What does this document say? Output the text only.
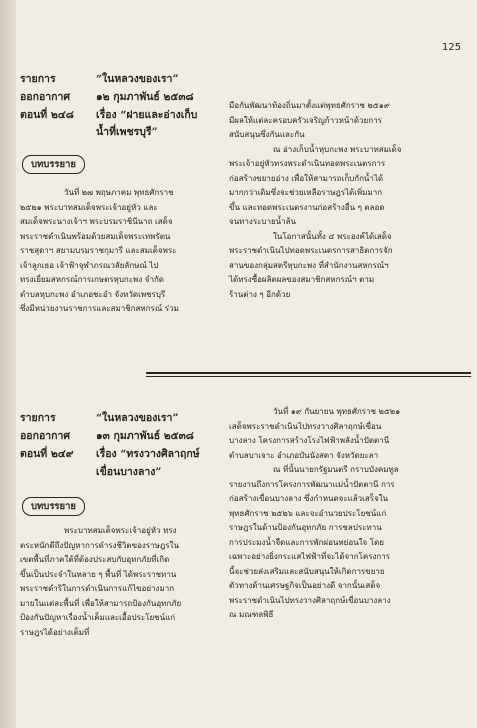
125
รายการ	“ในหลวงของเรา”
ออกอากาศ ๑๒ กุมภาพันธ์ ๒๕๓๘
ตอนที่ ๒๔๘ เรื่อง “ฝายและอ่างเก็บ
น้ำที่เพชรบุรี”
บทบรรยาย

วันที่ ๒๗ พฤษภาคม พุทธศักราช

๒๕๒๑ พระบาทสมเด็จพระเจ้าอยู่หัว และ

สมเด็จพระนางเจ้าฯ พระบรมราชินีนาถ เสด็จ

พระราชดำเนินพร้อมด้วยสมเด็จพระเทพรัตน

ราชสุดาฯ สยามบรมราชกุมารี และสมเด็จพระ

เจ้าลูกเธอ เจ้าฟ้าจุฬาภรณวลัยลักษณ์ ไป

ทรงเยี่ยมสหกรณ์การเกษตรหุบกะพง จำกัด

ตำบลหุบกะพง อำเภอชะอำ จังหวัดเพชรบุรี

ซึ่งมีหน่วยงานราชการและสมาชิกสหกรณ์ ร่วม

มือกันพัฒนาท้องถิ่นมาตั้งแต่พุทธศักราช ๒๕๑๙

มีผลให้แต่ละครอบครัวเจริญก้าวหน้าด้วยการ

สนับสนุนซึ่งกันและกัน

ณ อ่างเก็บน้ำหุบกะพง พระบาทสมเด็จ

พระเจ้าอยู่หัวทรงพระดำเนินทอดพระเนตรการ

ก่อสร้างขยายอ่าง เพื่อให้สามารถเก็บกักน้ำได้

มากกว่าเดิมซึ่งจะช่วยเหลือราษฎรได้เพิ่มมาก

ขึ้น และทอดพระเนตรงานก่อสร้างอื่น ๆ ตลอด

จนทางระบายน้ำล้น

ในโอกาสนั้นทั้ง ๔ พระองค์ได้เสด็จ

พระราชดำเนินไปทอดพระเนตรการสาธิตการจัก

สานของกลุ่มสตรีหุบกะพง ที่สำนักงานสหกรณ์ฯ

ได้ทรงซื้อผลิตผลของสมาชิกสหกรณ์ฯ ตาม

ร้านต่าง ๆ อีกด้วย

รายการ	“ในหลวงของเรา”
ออกอากาศ ๑๓ กุมภาพันธ์ ๒๕๓๘
ตอนที่ ๒๔๙ เรื่อง “ทรงวางศิลาฤกษ์
เขื่อนบางลาง”
บทบรรยาย

พระบาทสมเด็จพระเจ้าอยู่หัว ทรง

ตระหนักดีถึงปัญหาการดำรงชีวิตของราษฎรใน

เขตพื้นที่ภาคใต้ที่ต้องประสบกับอุทกภัยที่เกิด

ขึ้นเป็นประจำในหลาย ๆ พื้นที่ ได้พระราชทาน

พระราชดำริในการดำเนินการแก้ไขอย่างมาก

มายในแต่ละพื้นที่ เพื่อให้สามารถป้องกันอุทกภัย

ป้องกันปัญหาเรื่องน้ำเค็มและเอื้อประโยชน์แก่

ราษฎรได้อย่างเต็มที่

วันที่ ๑๙ กันยายน พุทธศักราช ๒๕๒๑

เสด็จพระราชดำเนินไปทรงวางศิลาฤกษ์เขื่อน

บางลาง โครงการสร้างโรงไฟฟ้าพลังน้ำปัตตานี

ตำบลบาเจาะ อำเภอบันนังสตา จังหวัดยะลา

ณ ที่นั้นนายกรัฐมนตรี กราบบังคมทูล

รายงานถึงการโครงการพัฒนาแม่น้ำปัตตานี การ

ก่อสร้างเขื่อนบางลาง ซึ่งกำหนดจะแล้วเสร็จใน

พุทธศักราช ๒๕๒๖ และจะอำนวยประโยชน์แก่

ราษฎรในด้านป้องกันอุทกภัย การชลประทาน

การประมงน้ำจืดและการพักผ่อนหย่อนใจ โดย

เฉพาะอย่างยิ่งกระแสไฟฟ้าที่จะได้จากโครงการ

นี้จะช่วยส่งเสริมและสนับสนุนให้เกิดการขยาย

ตัวทางด้านเศรษฐกิจเป็นอย่างดี จากนั้นเสด็จ

พระราชดำเนินไปทรงวางศิลาฤกษ์เขื่อนบางลาง

ณ มณฑลพิธี
